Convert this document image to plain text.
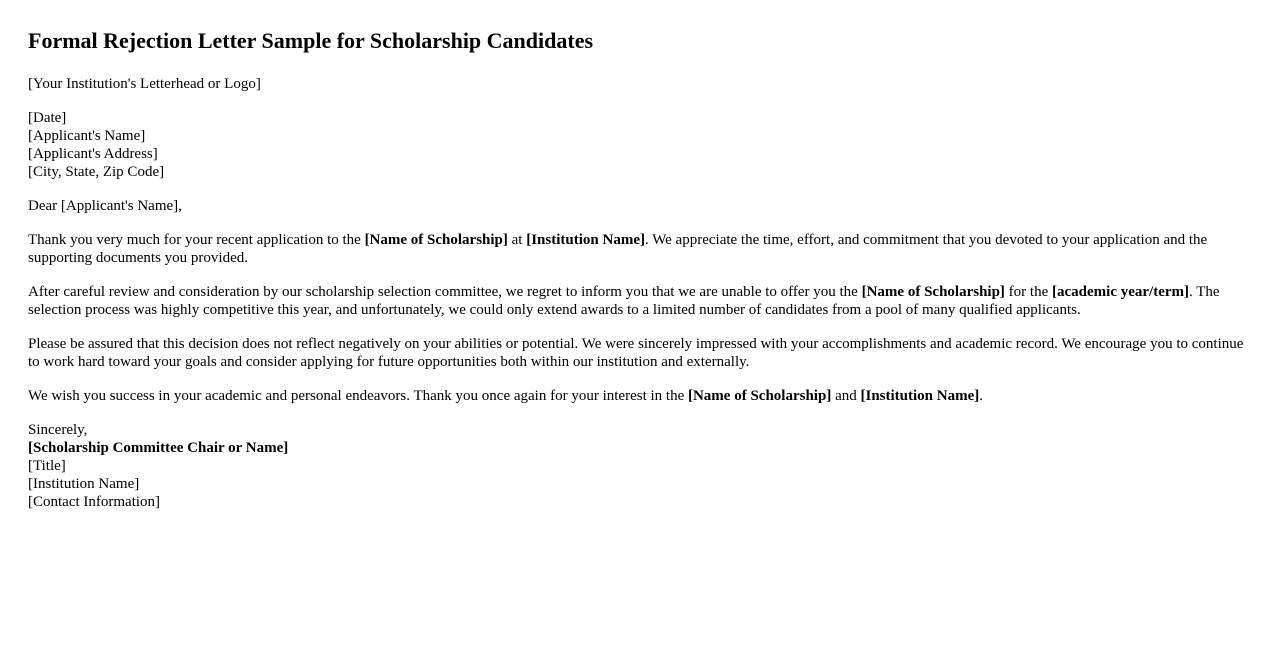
Formal Rejection Letter Sample for Scholarship Candidates

[Your Institution's Letterhead or Logo]

[Date]
[Applicant's Name]
[Applicant's Address]
[City, State, Zip Code]

Dear [Applicant's Name],

Thank you very much for your recent application to the [Name of Scholarship] at [Institution Name]. We appreciate the time, effort, and commitment that you devoted to your application and the supporting documents you provided.

After careful review and consideration by our scholarship selection committee, we regret to inform you that we are unable to offer you the [Name of Scholarship] for the [academic year/term]. The selection process was highly competitive this year, and unfortunately, we could only extend awards to a limited number of candidates from a pool of many qualified applicants.

Please be assured that this decision does not reflect negatively on your abilities or potential. We were sincerely impressed with your accomplishments and academic record. We encourage you to continue to work hard toward your goals and consider applying for future opportunities both within our institution and externally.

We wish you success in your academic and personal endeavors. Thank you once again for your interest in the [Name of Scholarship] and [Institution Name].

Sincerely,
[Scholarship Committee Chair or Name]
[Title]
[Institution Name]
[Contact Information]
